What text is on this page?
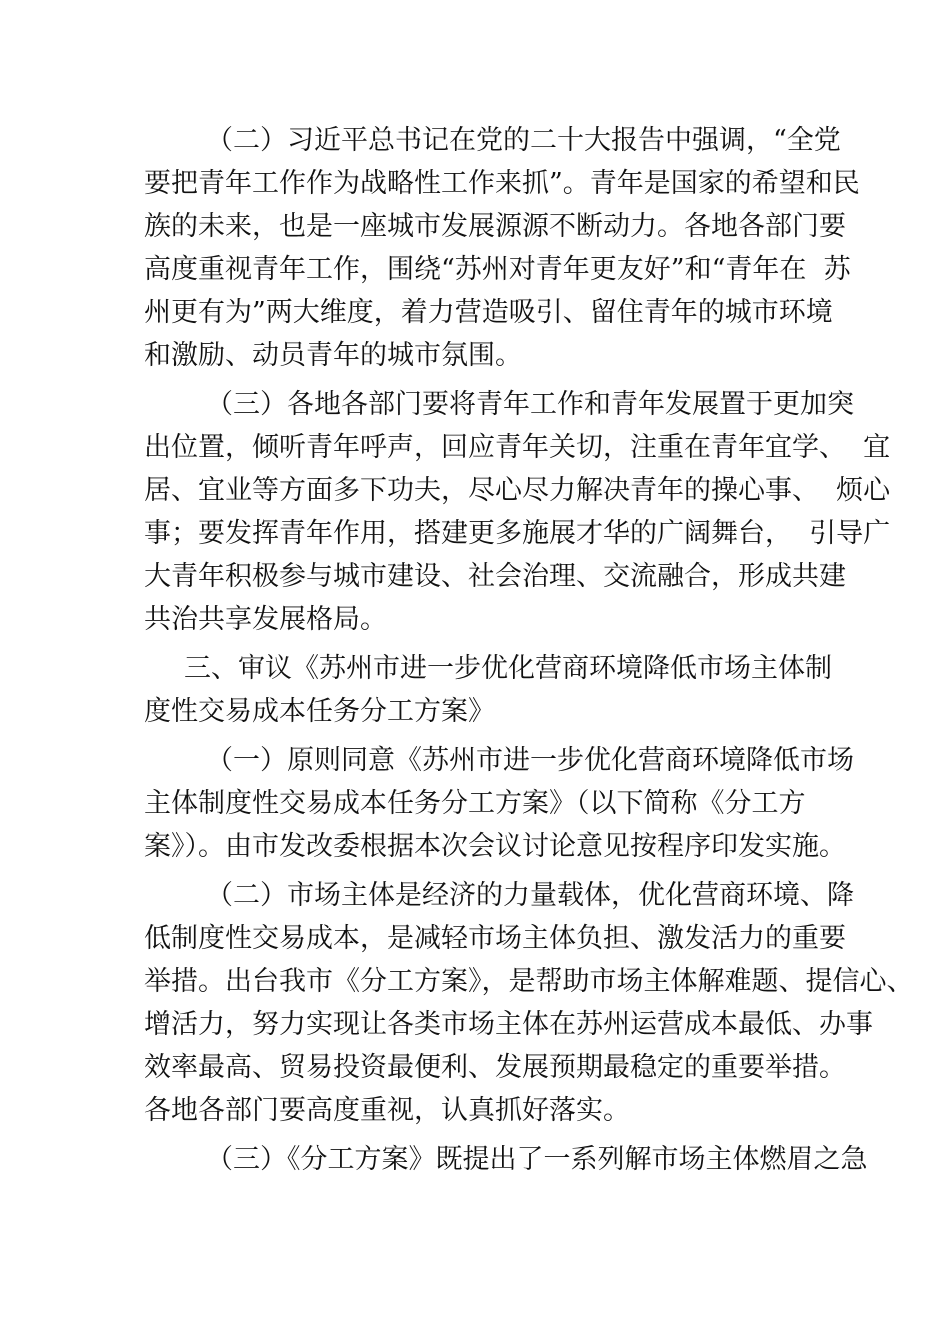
（二）习近平总书记在党的二十大报告中强调，“全党
要把青年工作作为战略性工作来抓”。青年是国家的希望和民
族的未来，也是一座城市发展源源不断动力。各地各部门要
高度重视青年工作，围绕“苏州对青年更友好”和“青年在  苏
州更有为”两大维度，着力营造吸引、留住青年的城市环境
和激励、动员青年的城市氛围。
（三）各地各部门要将青年工作和青年发展置于更加突
出位置，倾听青年呼声，回应青年关切，注重在青年宜学、  宜
居、宜业等方面多下功夫，尽心尽力解决青年的操心事、  烦心
事；要发挥青年作用，搭建更多施展才华的广阔舞台，  引导广
大青年积极参与城市建设、社会治理、交流融合，形成共建
共治共享发展格局。
三、审议《苏州市进一步优化营商环境降低市场主体制
度性交易成本任务分工方案》
（一）原则同意《苏州市进一步优化营商环境降低市场
主体制度性交易成本任务分工方案》（以下简称《分工方
案》）。由市发改委根据本次会议讨论意见按程序印发实施。
（二）市场主体是经济的力量载体，优化营商环境、降
低制度性交易成本，是减轻市场主体负担、激发活力的重要
举措。出台我市《分工方案》，是帮助市场主体解难题、提信心、
增活力，努力实现让各类市场主体在苏州运营成本最低、办事
效率最高、贸易投资最便利、发展预期最稳定的重要举措。
各地各部门要高度重视，认真抓好落实。
（三）《分工方案》既提出了一系列解市场主体燃眉之急
